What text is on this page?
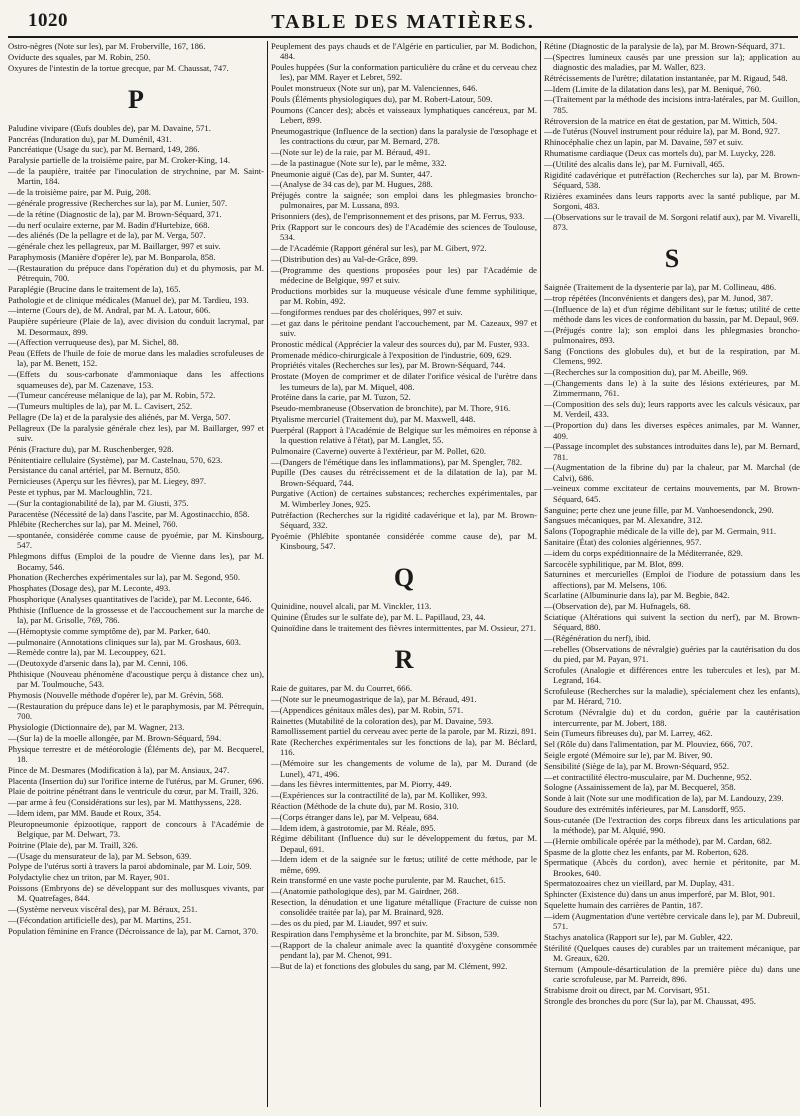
1020	TABLE DES MATIÈRES.
Ostro-nègres (Note sur les), par M. Froberville, 167, 186.
Oviducte des squales, par M. Robin, 250.
Oxyures de l'intestin de la tortue grecque, par M. Chaussat, 747.
P
Paludine vivipare (Œufs doubles de), par M. Davaine, 571.
Pancréas (Induration du), par M. Duménil, 431.
Pancréatique (Usage du suc), par M. Bernard, 149, 286.
Paralysie partielle de la troisième paire, par M. Croker-King, 14.
—de la paupière, traitée par l'inoculation de strychnine, par M. Saint-Martin, 184.
—de la troisième paire, par M. Puig, 208.
—générale progressive (Recherches sur la), par M. Lunier, 507.
—de la rétine (Diagnostic de la), par M. Brown-Séquard, 371.
—du nerf oculaire externe, par M. Badin d'Hurtebize, 668.
—des aliénés (De la pellagre et de la), par M. Verga, 507.
—générale chez les pellagreux, par M. Baillarger, 997 et suiv.
Paraphymosis (Manière d'opérer le), par M. Bonparola, 858.
—(Restauration du prépuce dans l'opération du) et du phymosis, par M. Pétrequin, 700.
Paraplégie (Brucine dans le traitement de la), 165.
Pathologie et de clinique médicales (Manuel de), par M. Tardieu, 193.
—interne (Cours de), de M. Andral, par M. A. Latour, 606.
Paupière supérieure (Plaie de la), avec division du conduit lacrymal, par M. Desormaux, 899.
—(Affection verruqueuse des), par M. Sichel, 88.
Peau (Effets de l'huile de foie de morue dans les maladies scrofuleuses de la), par M. Benett, 152.
—(Effets du sous-carbonate d'ammoniaque dans les affections squameuses de), par M. Cazenave, 153.
—(Tumeur cancéreuse mélanique de la), par M. Robin, 572.
—(Tumeurs multiples de la), par M. L. Cavisert, 252.
Pellagre (De la) et de la paralysie des aliénés, par M. Verga, 507.
Pellagreux (De la paralysie générale chez les), par M. Baillarger, 997 et suiv.
Pénis (Fracture du), par M. Ruschenberger, 928.
Pénitentiaire cellulaire (Système), par M. Castelnau, 570, 623.
Persistance du canal artériel, par M. Bernutz, 850.
Pernicieuses (Aperçu sur les fièvres), par M. Liegey, 897.
Peste et typhus, par M. Macloughlin, 721.
—(Sur la contagionabilité de la), par M. Giusti, 375.
Paracentèse (Nécessité de la) dans l'ascite, par M. Agostinacchio, 858.
Phlébite (Recherches sur la), par M. Meinel, 760.
—spontanée, considérée comme cause de pyoémie, par M. Kinsbourg, 547.
Phlegmons diffus (Emploi de la poudre de Vienne dans les), par M. Bocamy, 546.
Phonation (Recherches expérimentales sur la), par M. Segond, 950.
Phosphates (Dosage des), par M. Leconte, 493.
Phosphorique (Analyses quantitatives de l'acide), par M. Leconte, 646.
Phthisie (Influence de la grossesse et de l'accouchement sur la marche de la), par M. Grisolle, 769, 786.
—(Hémoptysie comme symptôme de), par M. Parker, 640.
—pulmonaire (Annotations cliniques sur la), par M. Groshaus, 603.
—Remède contre la), par M. Lecouppey, 621.
—(Deutoxyde d'arsenic dans la), par M. Cenni, 106.
Phthisique (Nouveau phénomène d'acoustique perçu à distance chez un), par M. Toulmouche, 543.
Phymosis (Nouvelle méthode d'opérer le), par M. Grévin, 568.
—(Restauration du prépuce dans le) et le paraphymosis, par M. Pétrequin, 700.
Physiologie (Dictionnaire de), par M. Wagner, 213.
—(Sur la) de la moelle allongée, par M. Brown-Séquard, 594.
Physique terrestre et de météorologie (Éléments de), par M. Becquerel, 18.
Pince de M. Desmares (Modification à la), par M. Ansiaux, 247.
Placenta (Insertion du) sur l'orifice interne de l'utérus, par M. Gruner, 696.
Plaie de poitrine pénétrant dans le ventricule du cœur, par M. Traill, 326.
—par arme à feu (Considérations sur les), par M. Matthyssens, 228.
—Idem idem, par MM. Baude et Roux, 354.
Pleuropneumonie épizootique, rapport de concours à l'Académie de Belgique, par M. Delwart, 73.
Poitrine (Plaie de), par M. Traill, 326.
—(Usage du mensurateur de la), par M. Sebson, 639.
Polype de l'utérus sorti à travers la paroi abdominale, par M. Loir, 509.
Polydactylie chez un triton, par M. Rayer, 901.
Poissons (Embryons de) se développant sur des mollusques vivants, par M. Quatrefages, 844.
—(Système nerveux viscéral des), par M. Béraux, 251.
—(Fécondation artificielle des), par M. Martins, 251.
Population féminine en France (Décroissance de la), par M. Carnot, 370.
Peuplement des pays chauds et de l'Algérie en particulier, par M. Bodichon, 484.
Poules huppées (Sur la conformation particulière du crâne et du cerveau chez les), par MM. Rayer et Lebret, 592.
Poulet monstrueux (Note sur un), par M. Valenciennes, 646.
Pouls (Éléments physiologiques du), par M. Robert-Latour, 509.
Poumons (Cancer des); abcès et vaisseaux lymphatiques cancéreux, par M. Lebert, 899.
Pneumogastrique (Influence de la section) dans la paralysie de l'œsophage et les contractions du cœur, par M. Bernard, 278.
—(Note sur le) de la raie, par M. Béraud, 491.
—de la pastinague (Note sur le), par le même, 332.
Pneumonie aiguë (Cas de), par M. Sunter, 447.
—(Analyse de 34 cas de), par M. Hugues, 288.
Préjugés contre la saignée; son emploi dans les phlegmasies broncho-pulmonaires, par M. Lussana, 893.
Prisonniers (des), de l'emprisonnement et des prisons, par M. Ferrus, 933.
Prix (Rapport sur le concours des) de l'Académie des sciences de Toulouse, 534.
—de l'Académie (Rapport général sur les), par M. Gibert, 972.
—(Distribution des) au Val-de-Grâce, 899.
—(Programme des questions proposées pour les) par l'Académie de médecine de Belgique, 997 et suiv.
Productions morbides sur la muqueuse vésicale d'une femme syphilitique, par M. Robin, 492.
—fongiformes rendues par des cholériques, 997 et suiv.
—et gaz dans le péritoine pendant l'accouchement, par M. Cazeaux, 997 et suiv.
Pronostic médical (Apprécier la valeur des sources du), par M. Fuster, 933.
Promenade médico-chirurgicale à l'exposition de l'industrie, 609, 629.
Propriétés vitales (Recherches sur les), par M. Brown-Séquard, 744.
Prostate (Moyen de comprimer et de dilater l'orifice vésical de l'urètre dans les tumeurs de la), par M. Miquel, 408.
Protéine dans la carie, par M. Tuzon, 52.
Pseudo-membraneuse (Observation de bronchite), par M. Thore, 916.
Ptyalisme mercuriel (Traitement du), par M. Maxwell, 448.
Puerpéral (Rapport à l'Académie de Belgique sur les mémoires en réponse à la question relative à l'état), par M. Langlet, 55.
Pulmonaire (Caverne) ouverte à l'extérieur, par M. Pollet, 620.
—(Dangers de l'émétique dans les inflammations), par M. Spengler, 782.
Pupille (Des causes du rétrécissement et de la dilatation de la), par M. Brown-Séquard, 744.
Purgative (Action) de certaines substances; recherches expérimentales, par M. Wimberley Jones, 925.
Putréfaction (Recherches sur la rigidité cadavérique et la), par M. Brown-Séquard, 332.
Pyoémie (Phlébite spontanée considérée comme cause de), par M. Kinsbourg, 547.
Q
Quinidine, nouvel alcali, par M. Vinckler, 113.
Quinine (Études sur le sulfate de), par M. L. Papillaud, 23, 44.
Quinoïdine dans le traitement des fièvres intermittentes, par M. Ossieur, 271.
R
Raie de guitares, par M. du Courret, 666.
—(Note sur le pneumogastrique de la), par M. Béraud, 491.
—(Appendices génitaux mâles des), par M. Robin, 571.
Rainettes (Mutabilité de la coloration des), par M. Davaine, 593.
Ramollissement partiel du cerveau avec perte de la parole, par M. Rizzi, 891.
Rate (Recherches expérimentales sur les fonctions de la), par M. Béclard, 116.
—(Mémoire sur les changements de volume de la), par M. Durand (de Lunel), 471, 496.
—dans les fièvres intermittentes, par M. Piorry, 449.
—(Expériences sur la contractilité de la), par M. Kolliker, 993.
Réaction (Méthode de la chute du), par M. Rosio, 310.
—(Corps étranger dans le), par M. Velpeau, 684.
—Idem idem, à gastrotomie, par M. Réale, 895.
Régime débilitant (Influence du) sur le développement du fœtus, par M. Depaul, 691.
—Idem idem et de la saignée sur le fœtus; utilité de cette méthode, par le même, 699.
Rein transformé en une vaste poche purulente, par M. Rauchet, 615.
—(Anatomie pathologique des), par M. Gairdner, 268.
Resection, la dénudation et une ligature métallique (Fracture de cuisse non consolidée traitée par la), par M. Brainard, 928.
—des os du pied, par M. Liaudet, 997 et suiv.
Respiration dans l'emphysème et la bronchite, par M. Sibson, 539.
—(Rapport de la chaleur animale avec la quantité d'oxygène consommée pendant la), par M. Chenot, 991.
—But de la) et fonctions des globules du sang, par M. Clément, 992.
Rétine (Diagnostic de la paralysie de la), par M. Brown-Séquard, 371.
—(Spectres lumineux causés par une pression sur la); application au diagnostic des maladies, par M. Waller, 823.
Rétrécissements de l'urètre; dilatation instantanée, par M. Rigaud, 548.
—Idem (Limite de la dilatation dans les), par M. Beniqué, 760.
—(Traitement par la méthode des incisions intra-latérales, par M. Guillon, 785.
Rétroversion de la matrice en état de gestation, par M. Wittich, 504.
—de l'utérus (Nouvel instrument pour réduire la), par M. Bond, 927.
Rhinocéphalie chez un lapin, par M. Davaine, 597 et suiv.
Rhumatisme cardiaque (Deux cas mortels du), par M. Luycky, 228.
—(Utilité des alcalis dans le), par M. Furnivall, 465.
Rigidité cadavérique et putréfaction (Recherches sur la), par M. Brown-Séquard, 538.
Rizières examinées dans leurs rapports avec la santé publique, par M. Sorgoni, 483.
—(Observations sur le travail de M. Sorgoni relatif aux), par M. Vivarelli, 873.
S
Saignée (Traitement de la dysenterie par la), par M. Collineau, 486.
—trop répétées (Inconvénients et dangers des), par M. Junod, 387.
—(Influence de la) et d'un régime débilitant sur le fœtus; utilité de cette méthode dans les vices de conformation du bassin, par M. Depaul, 969.
—(Préjugés contre la); son emploi dans les phlegmasies broncho-pulmonaires, 893.
Sang (Fonctions des globules du), et but de la respiration, par M. Clemens, 992.
—(Recherches sur la composition du), par M. Abeille, 969.
—(Changements dans le) à la suite des lésions extérieures, par M. Zimmermann, 761.
—(Composition des sels du); leurs rapports avec les calculs vésicaux, par M. Verdeil, 433.
—(Proportion du) dans les diverses espèces animales, par M. Wanner, 409.
—(Passage incomplet des substances introduites dans le), par M. Bernard, 781.
—(Augmentation de la fibrine du) par la chaleur, par M. Marchal (de Calvi), 686.
—veineux comme excitateur de certains mouvements, par M. Brown-Séquard, 645.
Sanguine; perte chez une jeune fille, par M. Vanhoesendonck, 290.
Sangsues mécaniques, par M. Alexandre, 312.
Salons (Topographie médicale de la ville de), par M. Germain, 911.
Sanitaire (État) des colonies algériennes, 957.
—idem du corps expéditionnaire de la Méditerranée, 829.
Sarcocèle syphilitique, par M. Blot, 899.
Saturnines et mercurielles (Emploi de l'iodure de potassium dans les affections), par M. Melsens, 106.
Scarlatine (Albuminurie dans la), par M. Begbie, 842.
—(Observation de), par M. Hufnagels, 68.
Sciatique (Altérations qui suivent la section du nerf), par M. Brown-Séquard, 880.
—(Régénération du nerf), ibid.
—rebelles (Observations de névralgie) guéries par la cautérisation du dos du pied, par M. Payan, 971.
Scrofules (Analogie et différences entre les tubercules et les), par M. Legrand, 164.
Scrofuleuse (Recherches sur la maladie), spécialement chez les enfants), par M. Hérard, 710.
Scrotum (Névralgie du) et du cordon, guérie par la cautérisation intercurrente, par M. Jobert, 188.
Sein (Tumeurs fibreuses du), par M. Larrey, 462.
Sel (Rôle du) dans l'alimentation, par M. Plouviez, 666, 707.
Seigle ergoté (Mémoire sur le), par M. Biver, 90.
Sensibilité (Siège de la), par M. Brown-Séquard, 952.
—et contractilité électro-musculaire, par M. Duchenne, 952.
Sologne (Assainissement de la), par M. Becquerel, 358.
Sonde à lait (Note sur une modification de la), par M. Landouzy, 239.
Soudure des extrémités inférieures, par M. Lansdorff, 955.
Sous-cutanée (De l'extraction des corps fibreux dans les articulations par la méthode), par M. Alquié, 990.
—(Hernie ombilicale opérée par la méthode), par M. Cardan, 682.
Spasme de la glotte chez les enfants, par M. Roberton, 628.
Spermatique (Abcès du cordon), avec hernie et péritonite, par M. Brookes, 640.
Spermatozoaires chez un vieillard, par M. Duplay, 431.
Sphincter (Existence du) dans un anus imperforé, par M. Blot, 901.
Squelette humain des carrières de Pantin, 187.
—idem (Augmentation d'une vertèbre cervicale dans le), par M. Dubreuil, 571.
Stachys anatolica (Rapport sur le), par M. Gubler, 422.
Stérilité (Quelques causes de) curables par un traitement mécanique, par M. Greaux, 620.
Sternum (Ampoule-désarticulation de la première pièce du) dans une carie scrofuleuse, par M. Parreidt, 896.
Strabisme droit ou direct, par M. Corvisart, 951.
Strongle des bronches du porc (Sur la), par M. Chaussat, 495.
